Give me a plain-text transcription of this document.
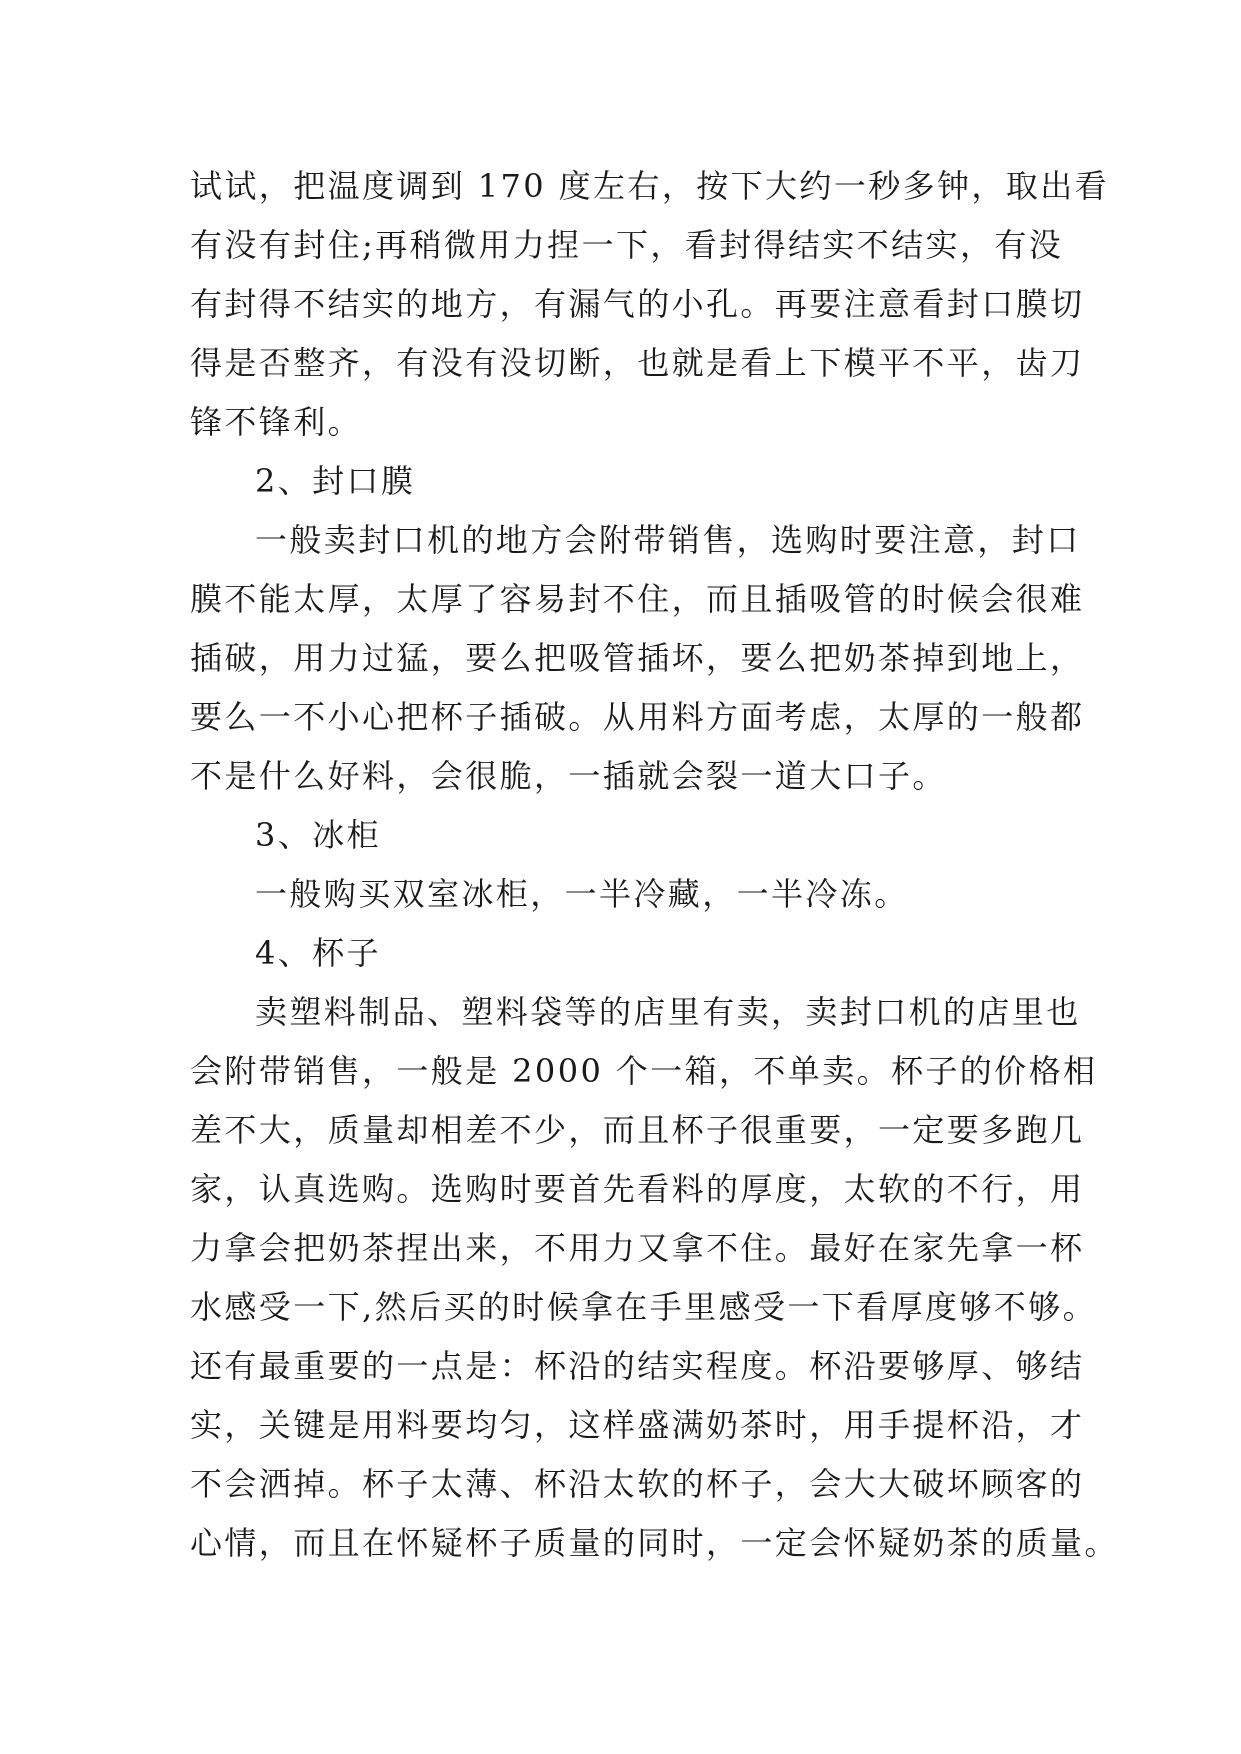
试试，把温度调到 170 度左右，按下大约一秒多钟，取出看
有没有封住;再稍微用力捏一下，看封得结实不结实，有没
有封得不结实的地方，有漏气的小孔。再要注意看封口膜切
得是否整齐，有没有没切断，也就是看上下模平不平，齿刀
锋不锋利。
2、封口膜
一般卖封口机的地方会附带销售，选购时要注意，封口
膜不能太厚，太厚了容易封不住，而且插吸管的时候会很难
插破，用力过猛，要么把吸管插坏，要么把奶茶掉到地上，
要么一不小心把杯子插破。从用料方面考虑，太厚的一般都
不是什么好料，会很脆，一插就会裂一道大口子。
3、冰柜
一般购买双室冰柜，一半冷藏，一半冷冻。
4、杯子
卖塑料制品、塑料袋等的店里有卖，卖封口机的店里也
会附带销售，一般是 2000 个一箱，不单卖。杯子的价格相
差不大，质量却相差不少，而且杯子很重要，一定要多跑几
家，认真选购。选购时要首先看料的厚度，太软的不行，用
力拿会把奶茶捏出来，不用力又拿不住。最好在家先拿一杯
水感受一下,然后买的时候拿在手里感受一下看厚度够不够。
还有最重要的一点是：杯沿的结实程度。杯沿要够厚、够结
实，关键是用料要均匀，这样盛满奶茶时，用手提杯沿，才
不会洒掉。杯子太薄、杯沿太软的杯子，会大大破坏顾客的
心情，而且在怀疑杯子质量的同时，一定会怀疑奶茶的质量。
